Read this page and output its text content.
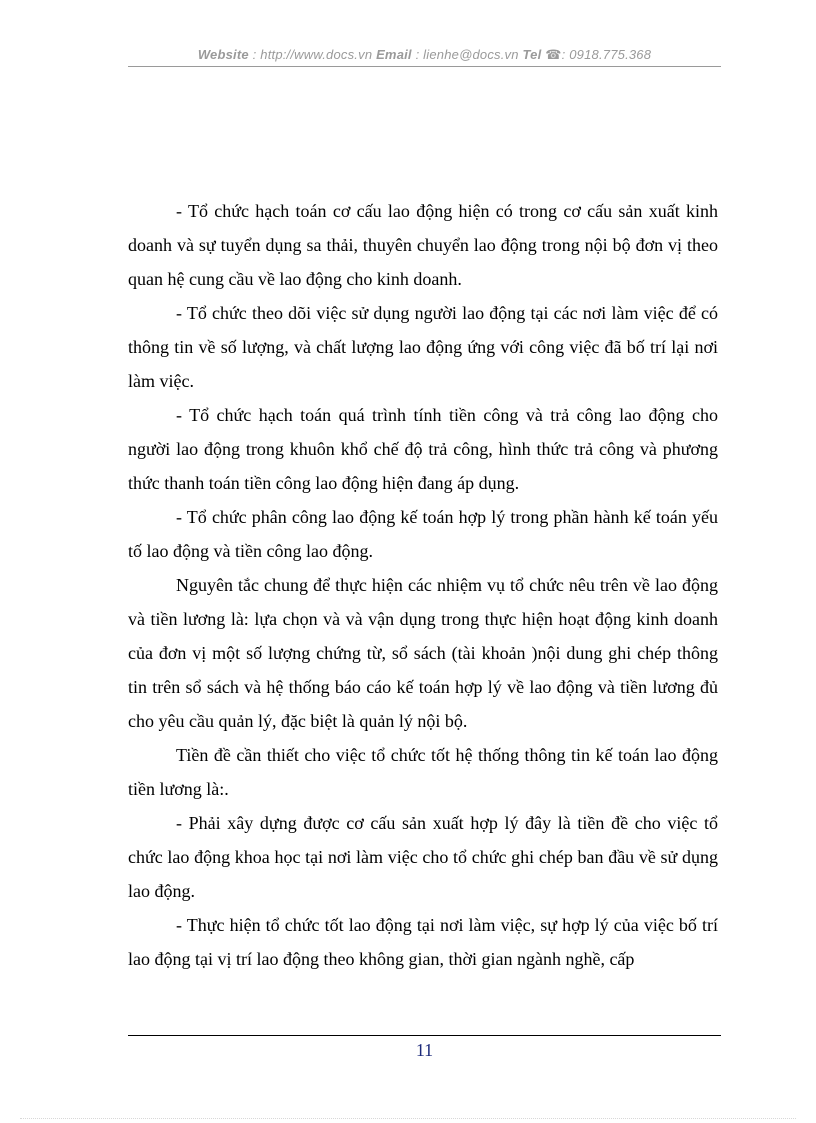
Website : http://www.docs.vn Email : lienhe@docs.vn Tel ☎: 0918.775.368

- Tổ chức hạch toán cơ cấu lao động hiện có trong cơ cấu sản xuất kinh doanh và sự tuyển dụng sa thải, thuyên chuyển lao động trong nội bộ đơn vị theo quan hệ cung cầu về lao động cho kinh doanh.

- Tổ chức theo dõi việc sử dụng người lao động tại các nơi làm việc để có thông tin về số lượng, và chất lượng lao động ứng với công việc đã bố trí lại nơi làm việc.

- Tổ chức hạch toán quá trình tính tiền công và trả công lao động cho người lao động trong khuôn khổ chế độ trả công, hình thức trả công và phương thức thanh toán tiền công lao động hiện đang áp dụng.

- Tổ chức phân công lao động kế toán hợp lý trong phần hành kế toán yếu tố lao động và tiền công lao động.

Nguyên tắc chung để thực hiện các nhiệm vụ tổ chức nêu trên về lao động và tiền lương là: lựa chọn và và vận dụng trong thực hiện hoạt động kinh doanh của đơn vị một số lượng chứng từ, sổ sách (tài khoản )nội dung ghi chép thông tin trên sổ sách và hệ thống báo cáo kế toán hợp lý về lao động và tiền lương đủ cho yêu cầu quản lý, đặc biệt là quản lý nội bộ.

Tiền đề cần thiết cho việc tổ chức tốt hệ thống thông tin kế toán lao động tiền lương là:.

- Phải xây dựng được cơ cấu sản xuất hợp lý đây là tiền đề cho việc tổ chức lao động khoa học tại nơi làm việc cho tổ chức ghi chép ban đầu về sử dụng lao động.

- Thực hiện tổ chức tốt lao động tại nơi làm việc, sự hợp lý của việc bố trí lao động tại vị trí lao động theo không gian, thời gian ngành nghề, cấp

11
